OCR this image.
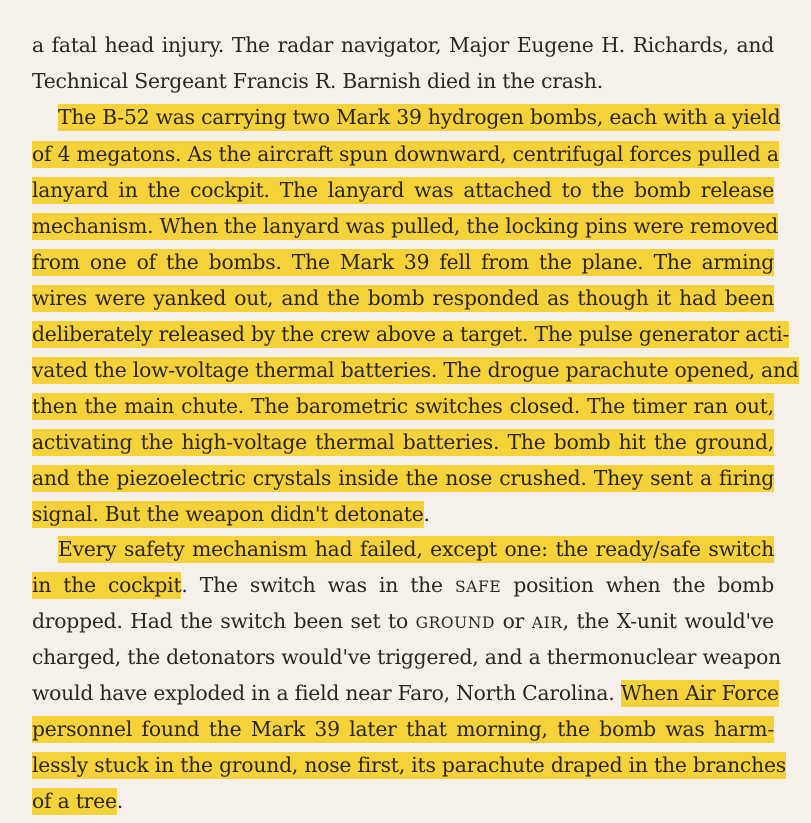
a fatal head injury. The radar navigator, Major Eugene H. Richards, and
Technical Sergeant Francis R. Barnish died in the crash.
The B-52 was carrying two Mark 39 hydrogen bombs, each with a yield
of 4 megatons. As the aircraft spun downward, centrifugal forces pulled a
lanyard in the cockpit. The lanyard was attached to the bomb release
mechanism. When the lanyard was pulled, the locking pins were removed
from one of the bombs. The Mark 39 fell from the plane. The arming
wires were yanked out, and the bomb responded as though it had been
deliberately released by the crew above a target. The pulse generator acti-
vated the low-voltage thermal batteries. The drogue parachute opened, and
then the main chute. The barometric switches closed. The timer ran out,
activating the high-voltage thermal batteries. The bomb hit the ground,
and the piezoelectric crystals inside the nose crushed. They sent a firing
signal. But the weapon didn't detonate.
Every safety mechanism had failed, except one: the ready/safe switch
in the cockpit. The switch was in the SAFE position when the bomb
dropped. Had the switch been set to GROUND or AIR, the X-unit would've
charged, the detonators would've triggered, and a thermonuclear weapon
would have exploded in a field near Faro, North Carolina. When Air Force
personnel found the Mark 39 later that morning, the bomb was harm-
lessly stuck in the ground, nose first, its parachute draped in the branches
of a tree.
